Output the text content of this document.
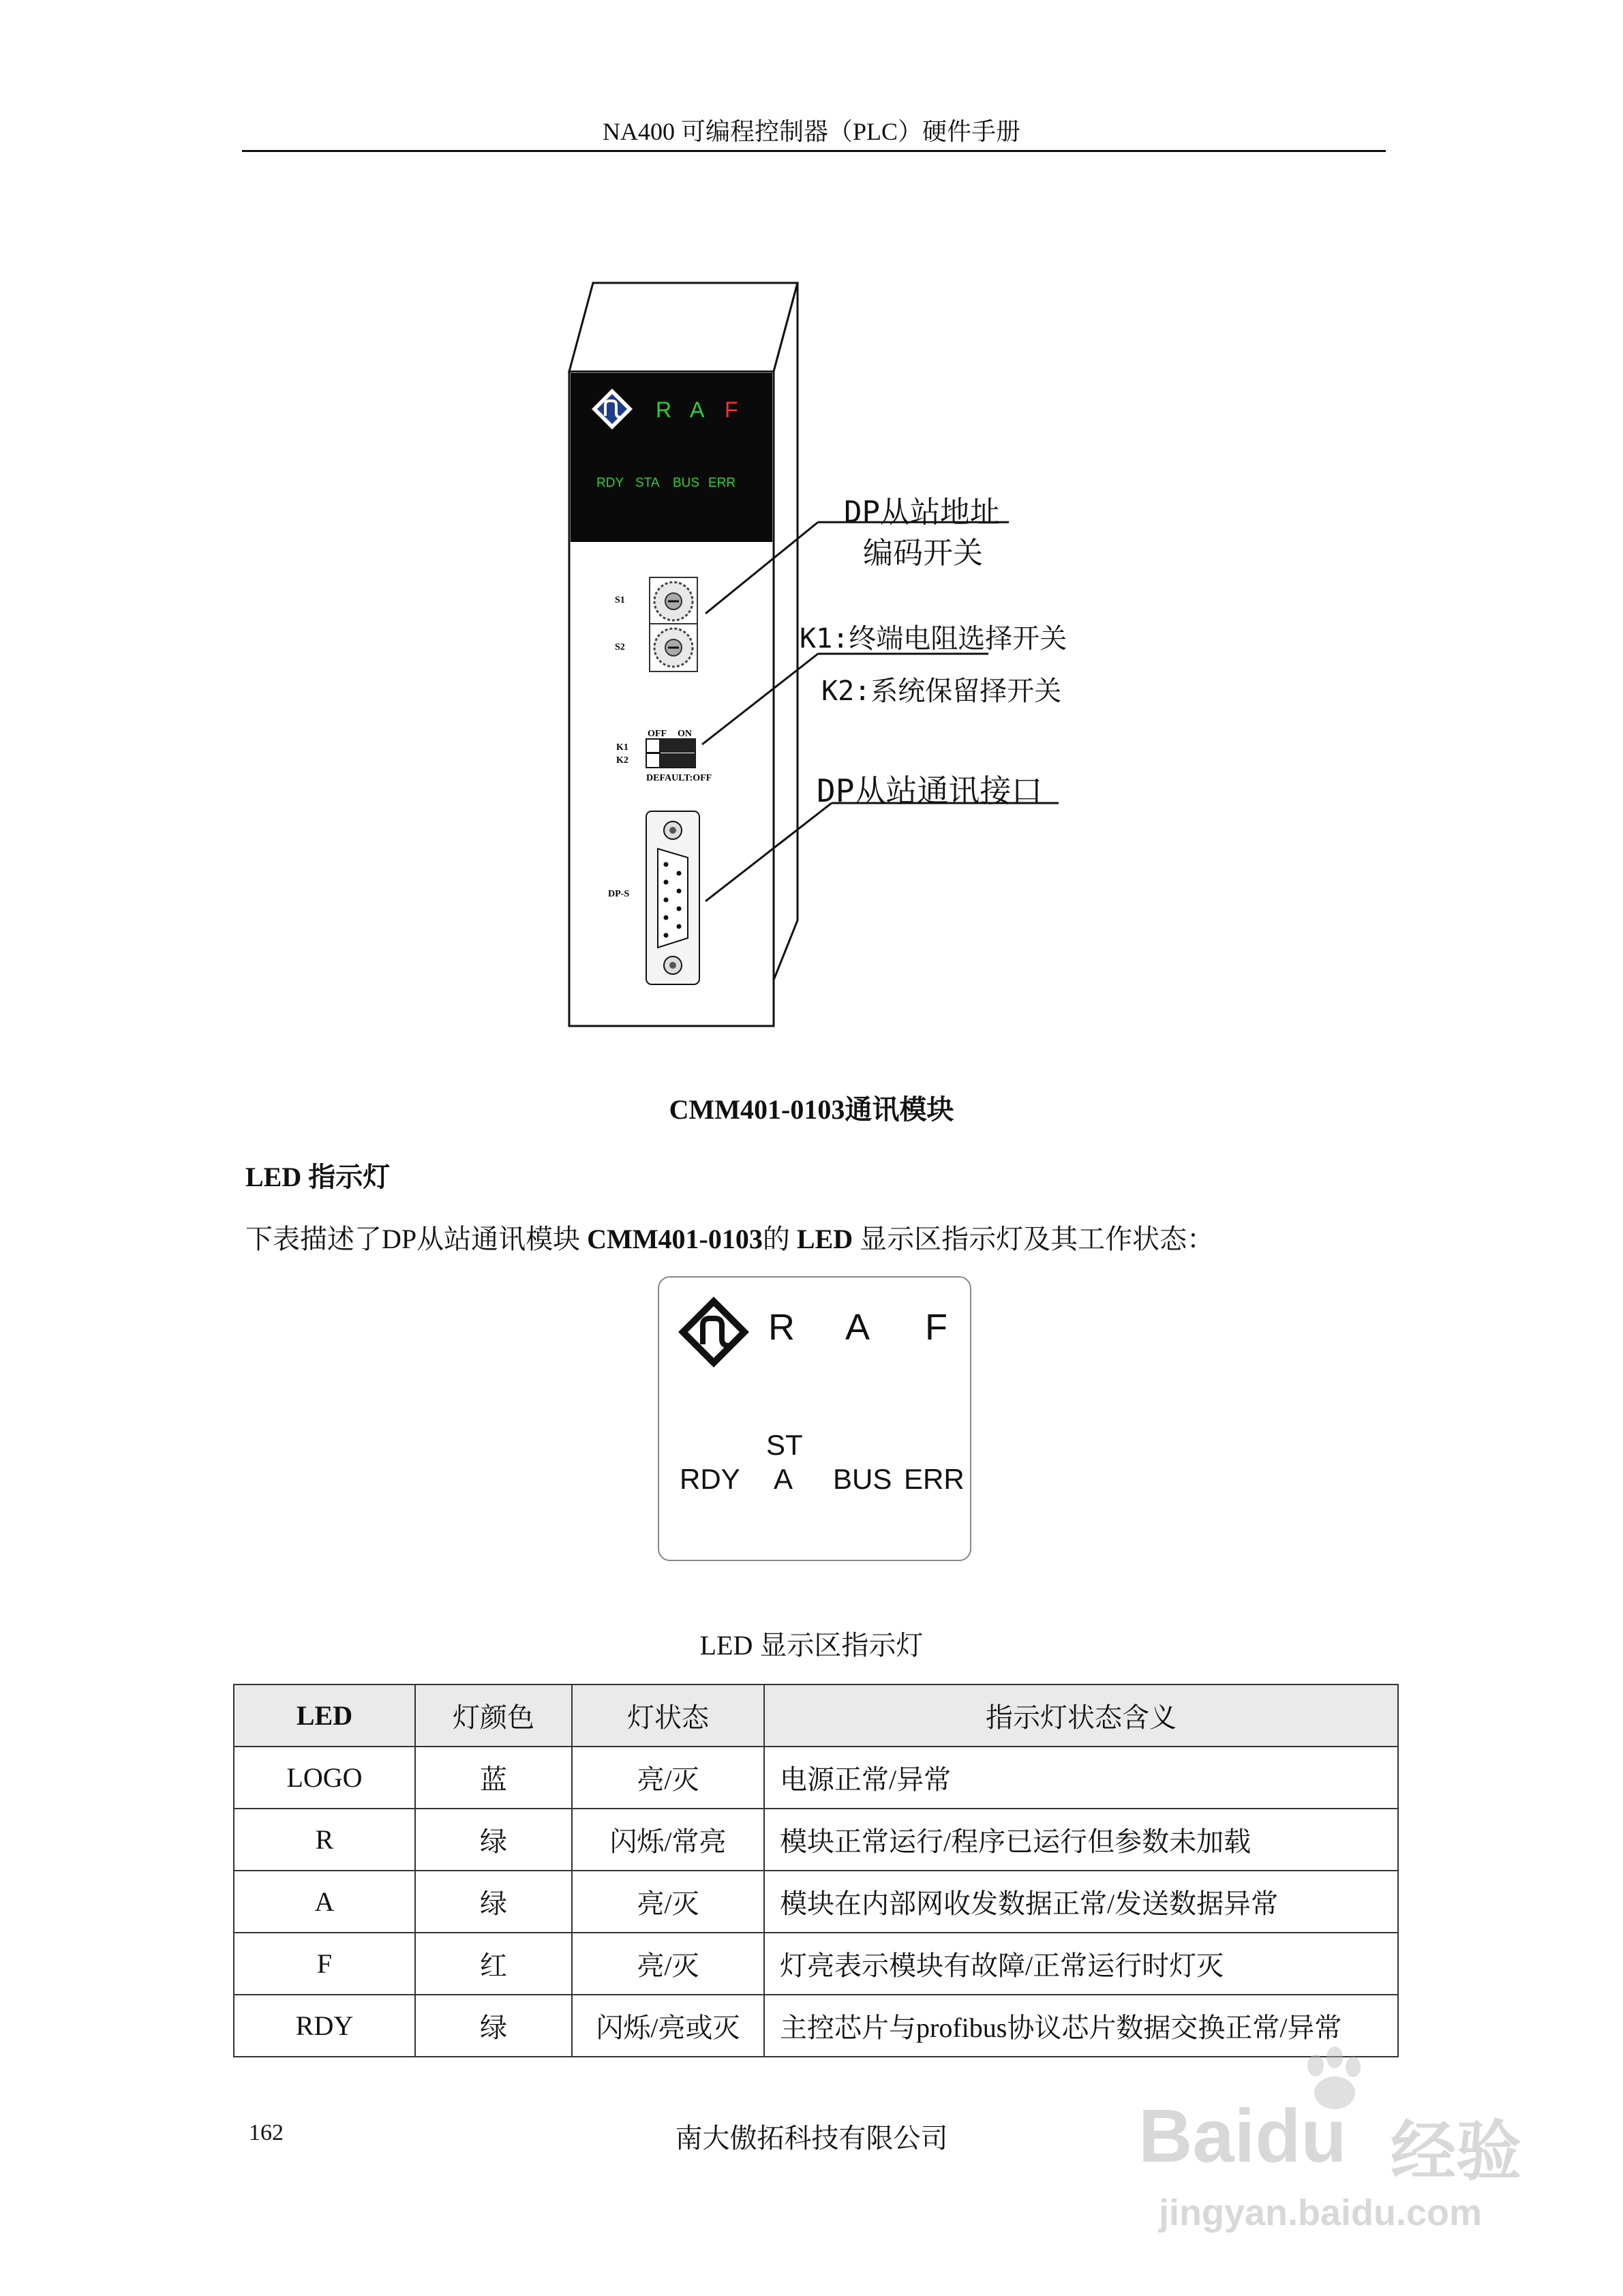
NA400 可编程控制器（PLC）硬件手册
R A F
RDY STA BUS ERR
S1
S2
OFF ON
K1
K2
DEFAULT:OFF
DP-S
DP从站地址
编码开关
K1:终端电阻选择开关
K2:系统保留择开关
DP从站通讯接口
CMM401-0103通讯模块
LED 指示灯
下表描述了DP从站通讯模块 CMM401-0103的 LED 显示区指示灯及其工作状态：
R A F
ST
RDY A BUS ERR
LED 显示区指示灯
LED	灯颜色	灯状态	指示灯状态含义
LOGO	蓝	亮/灭	电源正常/异常
R	绿	闪烁/常亮	模块正常运行/程序已运行但参数未加载
A	绿	亮/灭	模块在内部网收发数据正常/发送数据异常
F	红	亮/灭	灯亮表示模块有故障/正常运行时灯灭
RDY	绿	闪烁/亮或灭	主控芯片与profibus协议芯片数据交换正常/异常
162	南大傲拓科技有限公司	Baidu 经验
jingyan.baidu.com
